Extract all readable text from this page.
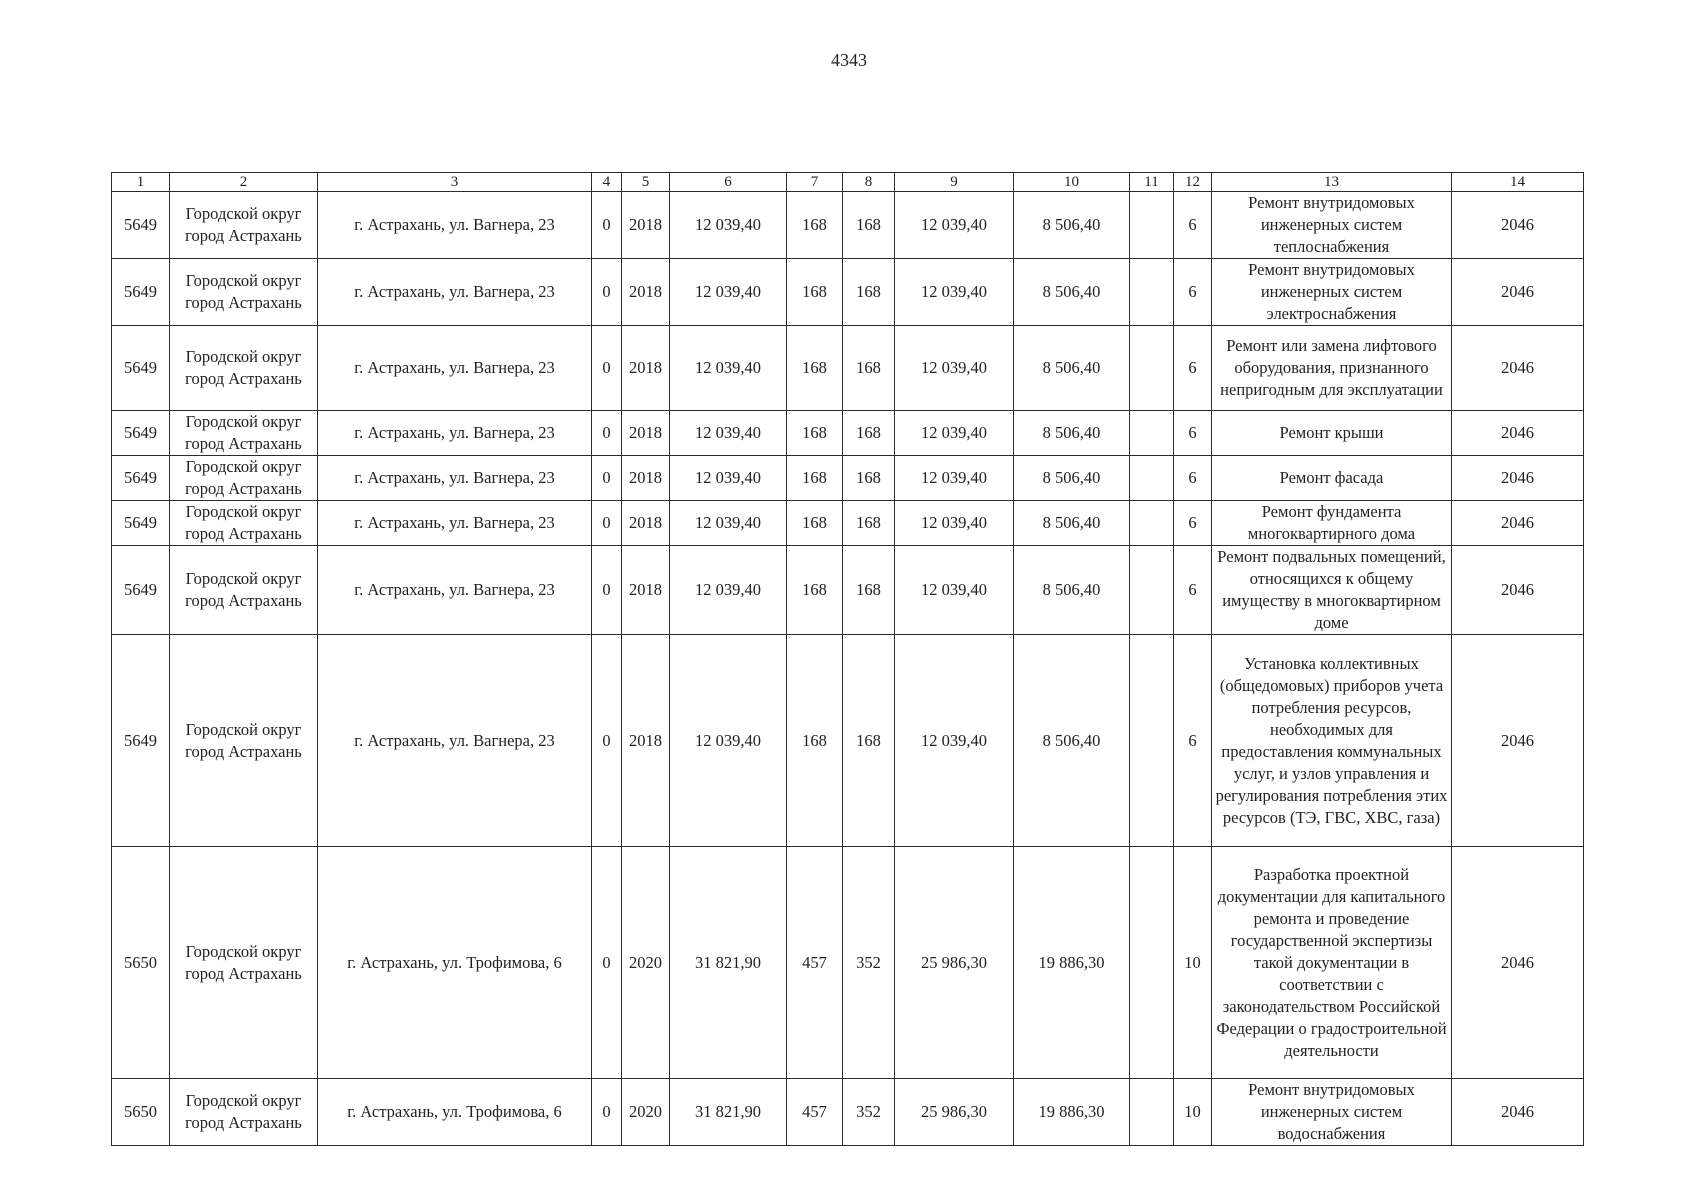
4343
1	2	3	4	5	6	7	8	9	10	11	12	13	14
5649	Городской округ город Астрахань	г. Астрахань, ул. Вагнера, 23	0	2018	12 039,40	168	168	12 039,40	8 506,40		6	Ремонт внутридомовых инженерных систем теплоснабжения	2046
5649	Городской округ город Астрахань	г. Астрахань, ул. Вагнера, 23	0	2018	12 039,40	168	168	12 039,40	8 506,40		6	Ремонт внутридомовых инженерных систем электроснабжения	2046
5649	Городской округ город Астрахань	г. Астрахань, ул. Вагнера, 23	0	2018	12 039,40	168	168	12 039,40	8 506,40		6	Ремонт или замена лифтового оборудования, признанного непригодным для эксплуатации	2046
5649	Городской округ город Астрахань	г. Астрахань, ул. Вагнера, 23	0	2018	12 039,40	168	168	12 039,40	8 506,40		6	Ремонт крыши	2046
5649	Городской округ город Астрахань	г. Астрахань, ул. Вагнера, 23	0	2018	12 039,40	168	168	12 039,40	8 506,40		6	Ремонт фасада	2046
5649	Городской округ город Астрахань	г. Астрахань, ул. Вагнера, 23	0	2018	12 039,40	168	168	12 039,40	8 506,40		6	Ремонт фундамента многоквартирного дома	2046
5649	Городской округ город Астрахань	г. Астрахань, ул. Вагнера, 23	0	2018	12 039,40	168	168	12 039,40	8 506,40		6	Ремонт подвальных помещений, относящихся к общему имуществу в многоквартирном доме	2046
5649	Городской округ город Астрахань	г. Астрахань, ул. Вагнера, 23	0	2018	12 039,40	168	168	12 039,40	8 506,40		6	Установка коллективных (общедомовых) приборов учета потребления ресурсов, необходимых для предоставления коммунальных услуг, и узлов управления и регулирования потребления этих ресурсов (ТЭ, ГВС, ХВС, газа)	2046
5650	Городской округ город Астрахань	г. Астрахань, ул. Трофимова, 6	0	2020	31 821,90	457	352	25 986,30	19 886,30		10	Разработка проектной документации для капитального ремонта и проведение государственной экспертизы такой документации в соответствии с законодательством Российской Федерации о градостроительной деятельности	2046
5650	Городской округ город Астрахань	г. Астрахань, ул. Трофимова, 6	0	2020	31 821,90	457	352	25 986,30	19 886,30		10	Ремонт внутридомовых инженерных систем водоснабжения	2046
